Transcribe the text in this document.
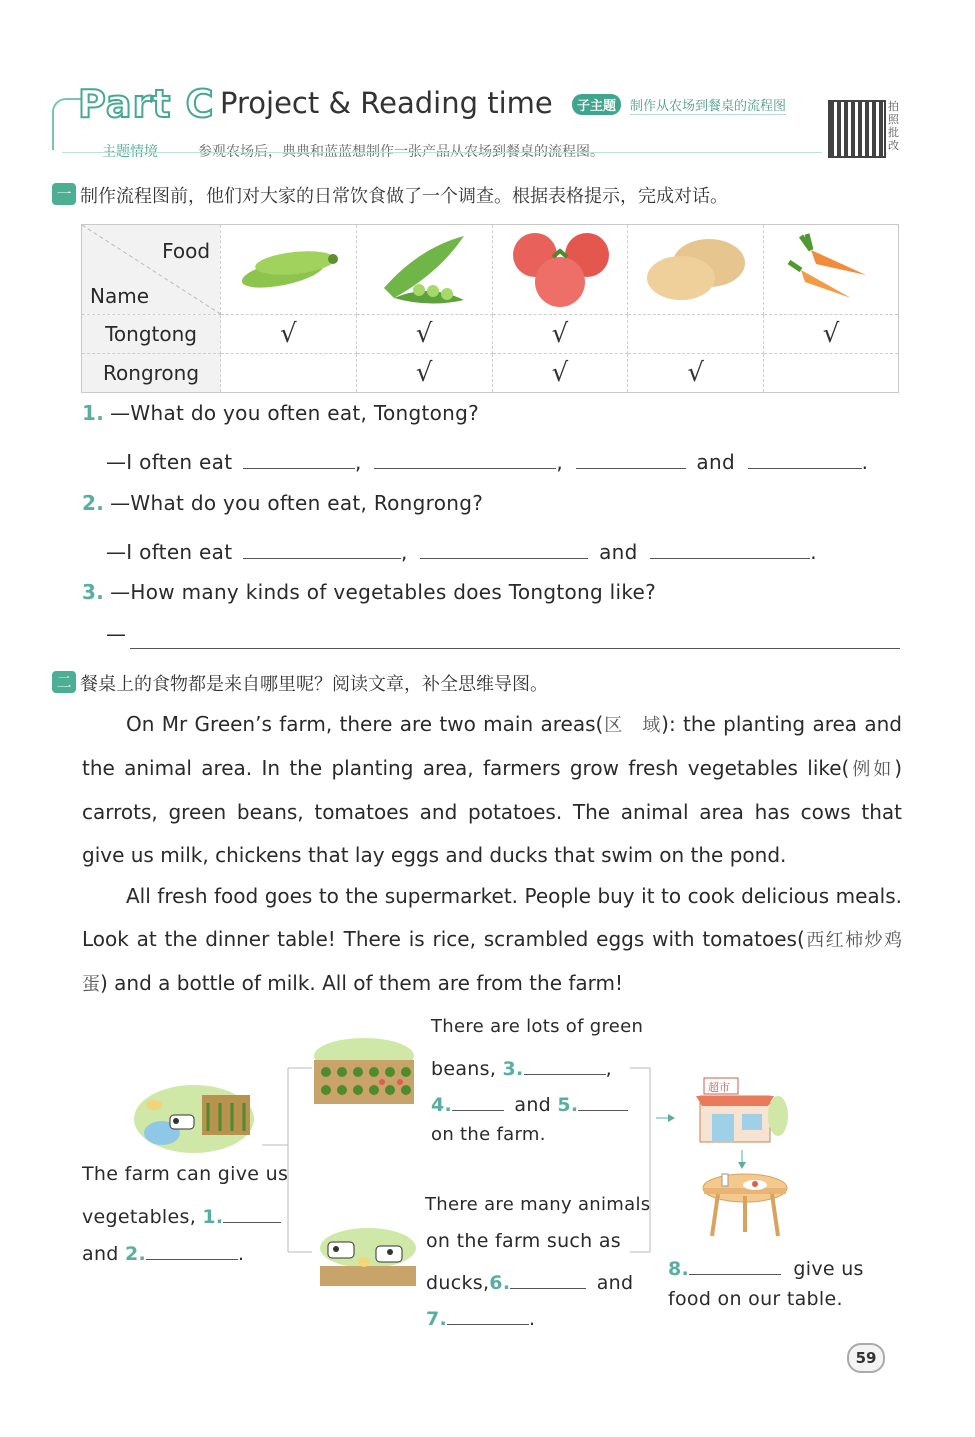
Part C Project & Reading time	子主题	制作从农场到餐桌的流程图
主题情境	参观农场后，典典和蓝蓝想制作一张产品从农场到餐桌的流程图。
拍照批改
一 制作流程图前，他们对大家的日常饮食做了一个调查。根据表格提示，完成对话。
Food
Name

Tongtong	√	√	√		√
Rongrong		√	√	√	
1. —What do you often eat, Tongtong?
—I often eat	,	,	and	.
2. —What do you often eat, Rongrong?
—I often eat	,	and	.
3. —How many kinds of vegetables does Tongtong like?
—
二 餐桌上的食物都是来自哪里呢？阅读文章，补全思维导图。
On Mr Green’s farm, there are two main areas(区　域): the planting area and the animal area. In the planting area, farmers grow fresh vegetables like(例如) carrots, green beans, tomatoes and potatoes. The animal area has cows that give us milk, chickens that lay eggs and ducks that swim on the pond.
All fresh food goes to the supermarket. People buy it to cook delicious meals. Look at the dinner table! There is rice, scrambled eggs with tomatoes(西红柿炒鸡蛋) and a bottle of milk. All of them are from the farm!
The farm can give us
vegetables, 1.
and 2.	.
There are lots of green
beans, 3.	,
4.	and 5.
on the farm.
There are many animals
on the farm such as
ducks,6.	and
7.	.
超市
8.	give us
food on our table.
59
